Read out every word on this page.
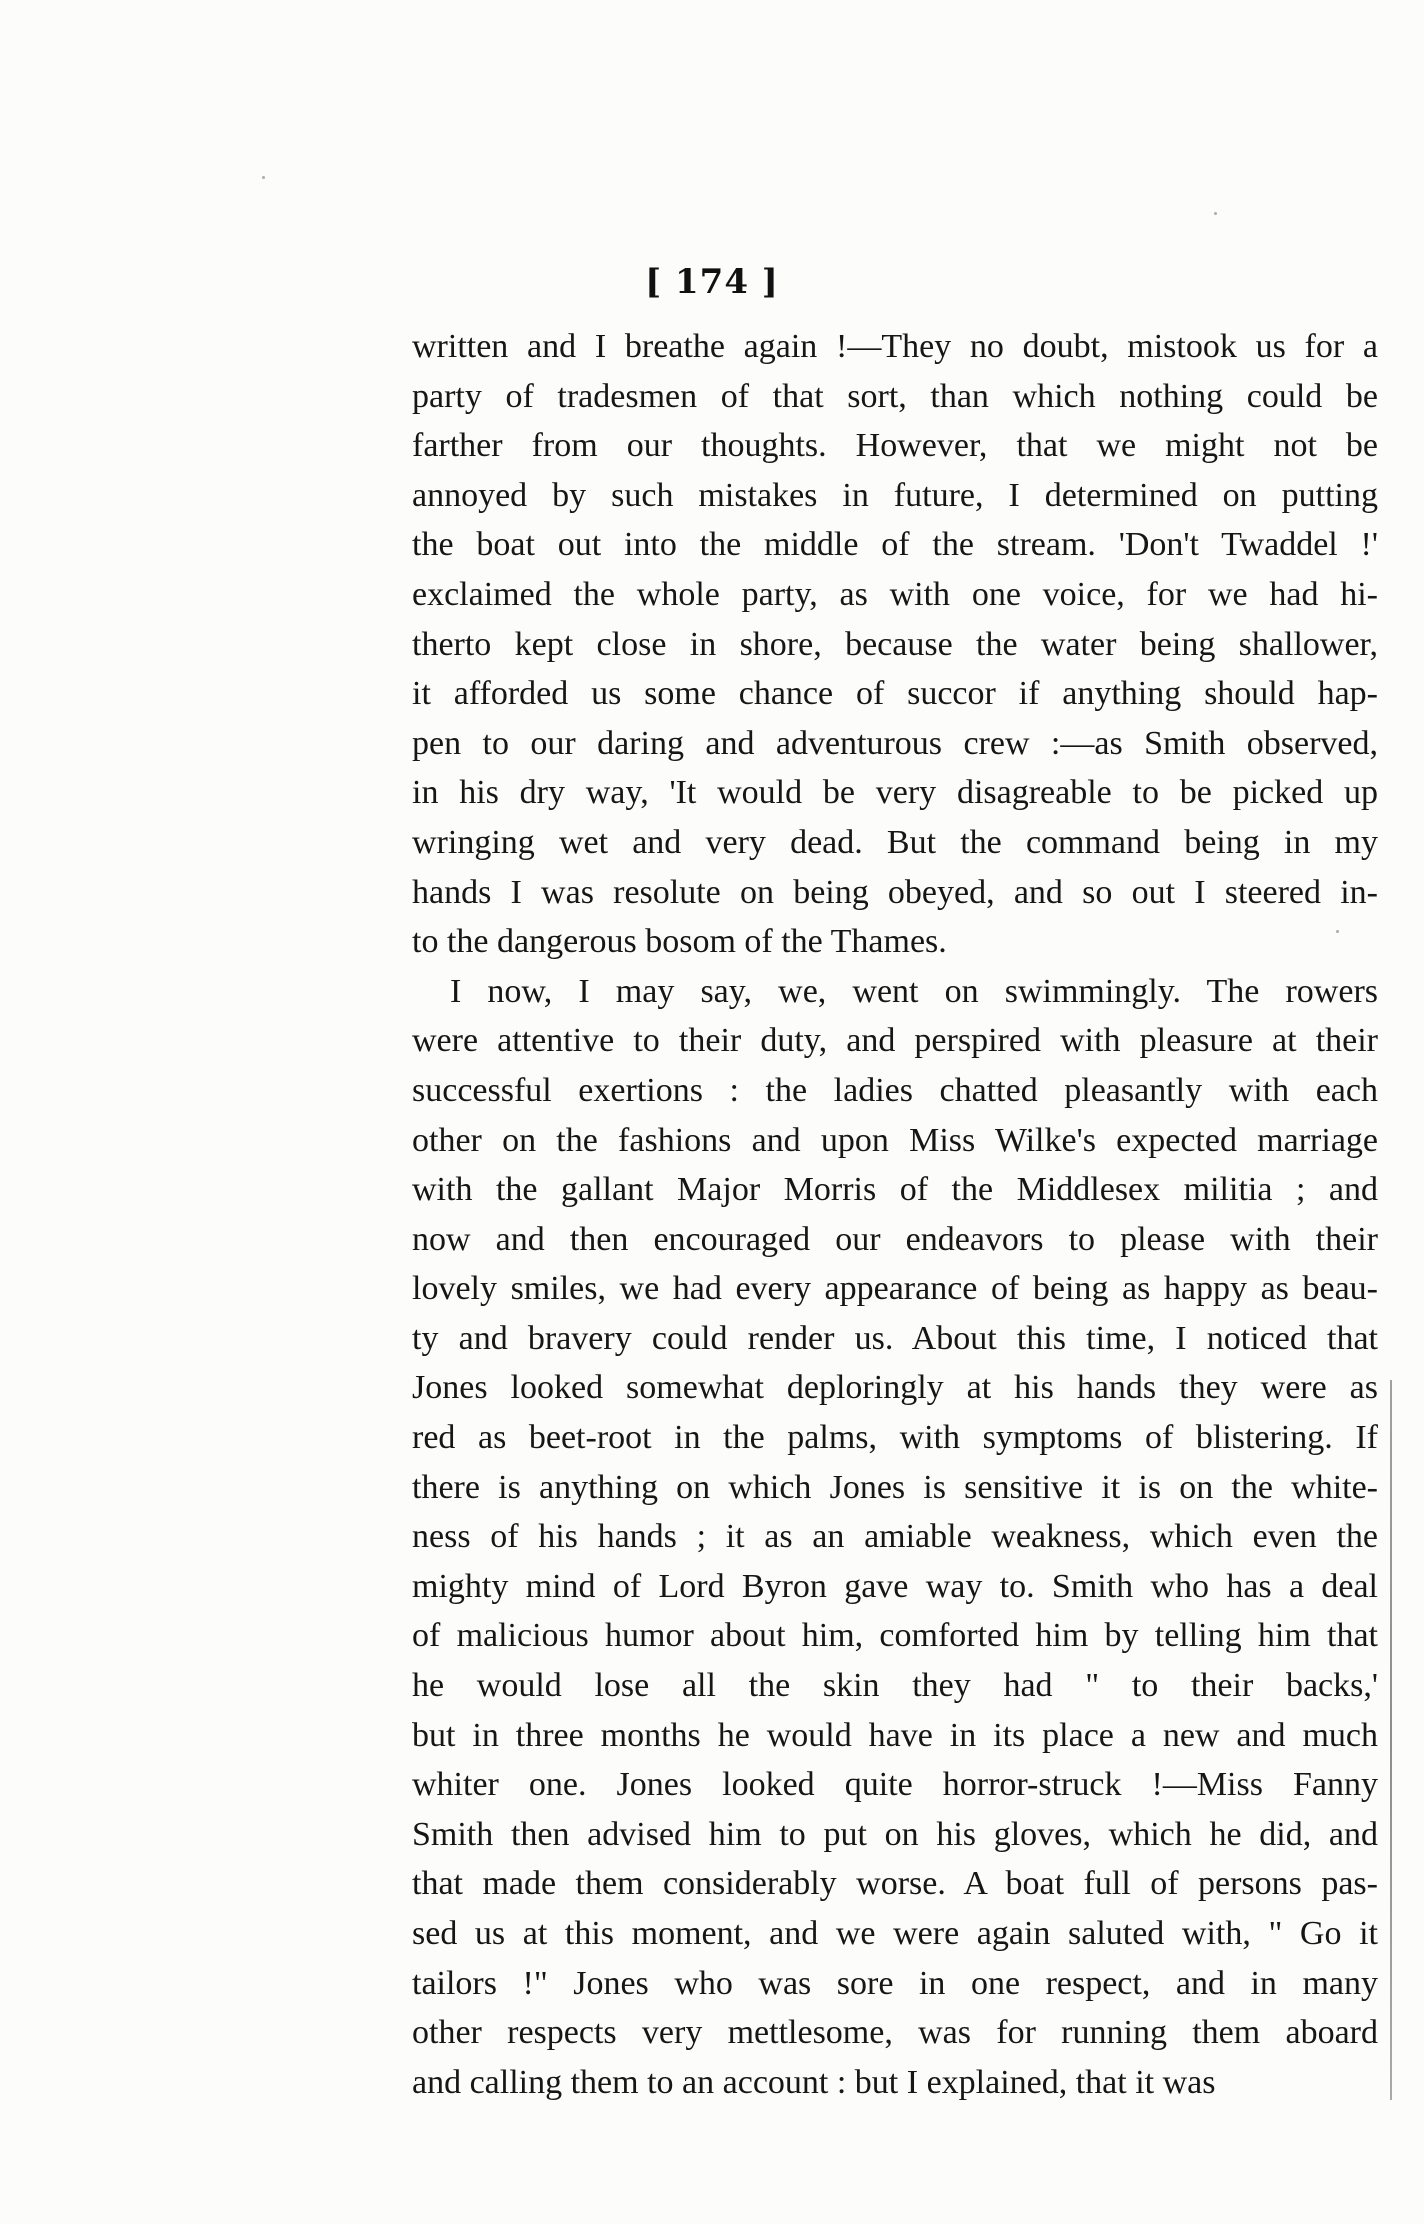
[ 174 ]
written and I breathe again !—They no doubt, mistook us for a
party of tradesmen of that sort, than which nothing could be
farther from our thoughts. However, that we might not be
annoyed by such mistakes in future, I determined on putting
the boat out into the middle of the stream. 'Don't Twaddel !'
exclaimed the whole party, as with one voice, for we had hi-
therto kept close in shore, because the water being shallower,
it afforded us some chance of succor if anything should hap-
pen to our daring and adventurous crew :—as Smith observed,
in his dry way, 'It would be very disagreable to be picked up
wringing wet and very dead. But the command being in my
hands I was resolute on being obeyed, and so out I steered in-
to the dangerous bosom of the Thames.
I now, I may say, we, went on swimmingly. The rowers
were attentive to their duty, and perspired with pleasure at their
successful exertions : the ladies chatted pleasantly with each
other on the fashions and upon Miss Wilke's expected marriage
with the gallant Major Morris of the Middlesex militia ; and
now and then encouraged our endeavors to please with their
lovely smiles, we had every appearance of being as happy as beau-
ty and bravery could render us. About this time, I noticed that
Jones looked somewhat deploringly at his hands they were as
red as beet-root in the palms, with symptoms of blistering. If
there is anything on which Jones is sensitive it is on the white-
ness of his hands ; it as an amiable weakness, which even the
mighty mind of Lord Byron gave way to. Smith who has a deal
of malicious humor about him, comforted him by telling him that
he would lose all the skin they had " to their backs,'
but in three months he would have in its place a new and much
whiter one. Jones looked quite horror-struck !—Miss Fanny
Smith then advised him to put on his gloves, which he did, and
that made them considerably worse. A boat full of persons pas-
sed us at this moment, and we were again saluted with, " Go it
tailors !" Jones who was sore in one respect, and in many
other respects very mettlesome, was for running them aboard
and calling them to an account : but I explained, that it was
